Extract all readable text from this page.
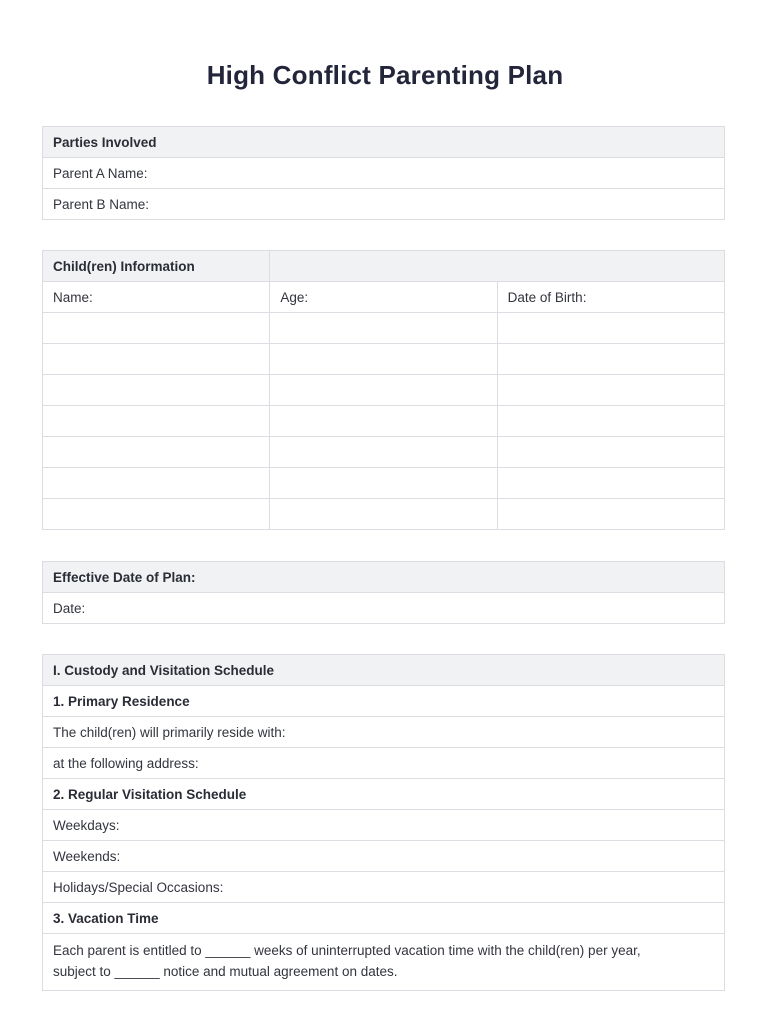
High Conflict Parenting Plan
Parties Involved
Parent A Name:
Parent B Name:
Child(ren) Information		
Name:	Age:	Date of Birth:

Effective Date of Plan:
Date:
I. Custody and Visitation Schedule
1. Primary Residence
The child(ren) will primarily reside with:
at the following address:
2. Regular Visitation Schedule
Weekdays:
Weekends:
Holidays/Special Occasions:
3. Vacation Time

Each parent is entitled to ______ weeks of uninterrupted vacation time with the child(ren) per year,
subject to ______ notice and mutual agreement on dates.
